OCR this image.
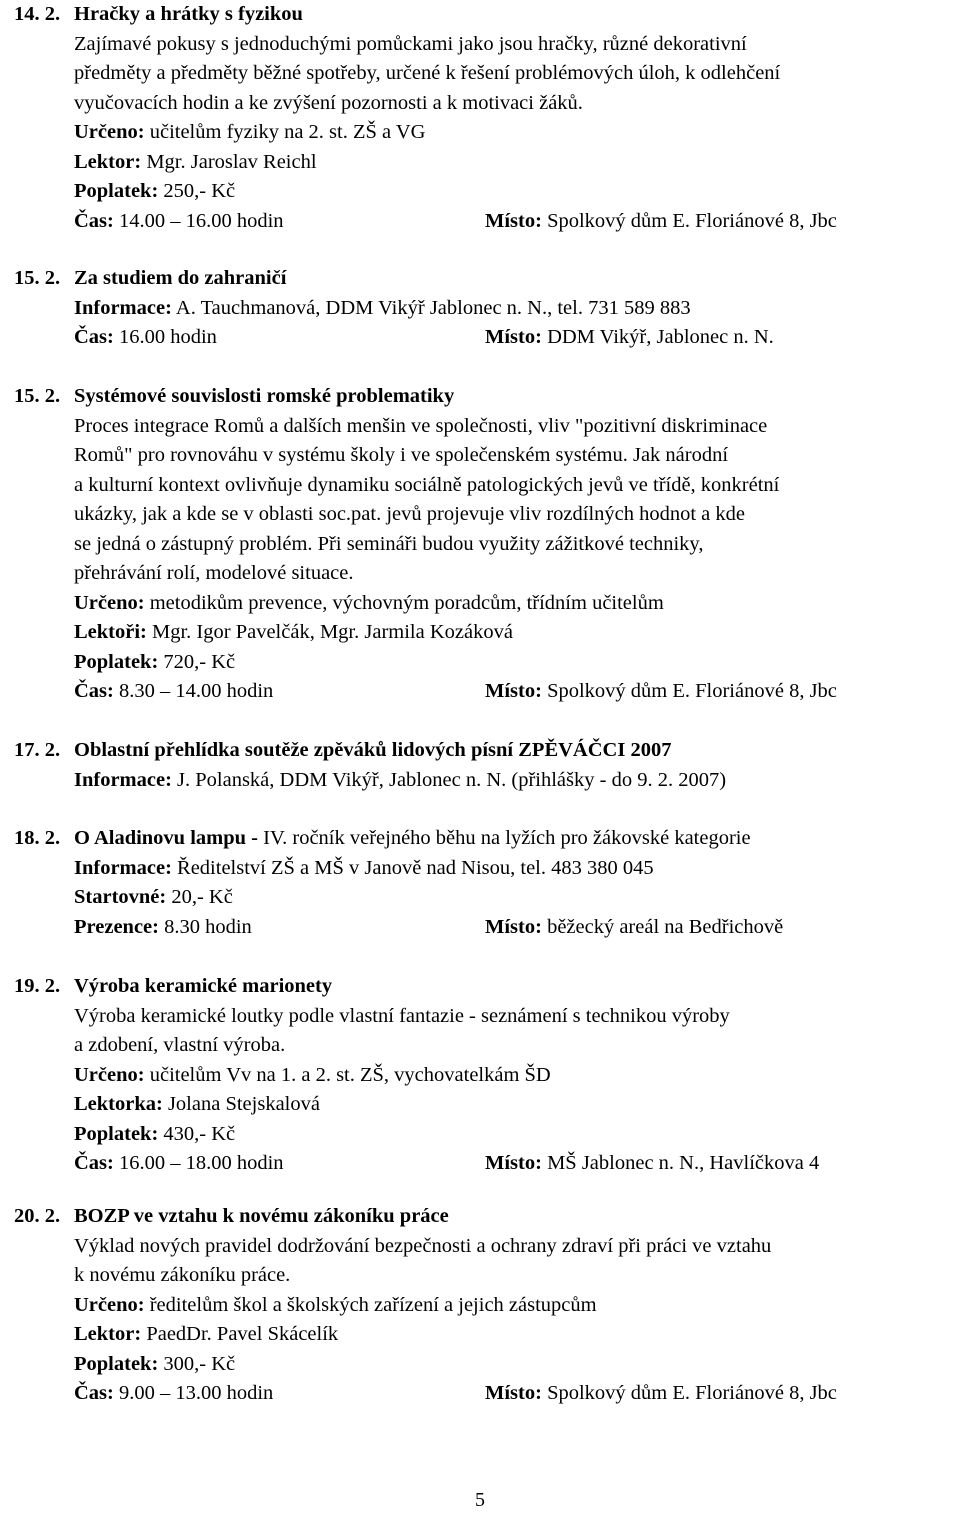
14. 2. Hračky a hrátky s fyzikou
Zajímavé pokusy s jednoduchými pomůckami jako jsou hračky, různé dekorativní
předměty a předměty běžné spotřeby, určené k řešení problémových úloh, k odlehčení
vyučovacích hodin a ke zvýšení pozornosti a k motivaci žáků.
Určeno: učitelům fyziky na 2. st. ZŠ a VG
Lektor: Mgr. Jaroslav Reichl
Poplatek: 250,- Kč
Čas: 14.00 – 16.00 hodin	Místo: Spolkový dům E. Floriánové 8, Jbc
15. 2. Za studiem do zahraničí
Informace: A. Tauchmanová, DDM Vikýř Jablonec n. N., tel. 731 589 883
Čas: 16.00 hodin	Místo: DDM Vikýř, Jablonec n. N.
15. 2. Systémové souvislosti romské problematiky
Proces integrace Romů a dalších menšin ve společnosti, vliv "pozitivní diskriminace
Romů" pro rovnováhu v systému školy i ve společenském systému. Jak národní
a kulturní kontext ovlivňuje dynamiku sociálně patologických jevů ve třídě, konkrétní
ukázky, jak a kde se v oblasti soc.pat. jevů projevuje vliv rozdílných hodnot a kde
se jedná o zástupný problém. Při semináři budou využity zážitkové techniky,
přehrávání rolí, modelové situace.
Určeno: metodikům prevence, výchovným poradcům, třídním učitelům
Lektoři: Mgr. Igor Pavelčák, Mgr. Jarmila Kozáková
Poplatek: 720,- Kč
Čas: 8.30 – 14.00 hodin	Místo: Spolkový dům E. Floriánové 8, Jbc
17. 2. Oblastní přehlídka soutěže zpěváků lidových písní ZPĚVÁČCI 2007
Informace: J. Polanská, DDM Vikýř, Jablonec n. N. (přihlášky - do 9. 2. 2007)
18. 2. O Aladinovu lampu - IV. ročník veřejného běhu na lyžích pro žákovské kategorie
Informace: Ředitelství ZŠ a MŠ v Janově nad Nisou, tel. 483 380 045
Startovné: 20,- Kč
Prezence: 8.30 hodin	Místo: běžecký areál na Bedřichově
19. 2. Výroba keramické marionety
Výroba keramické loutky podle vlastní fantazie - seznámení s technikou výroby
a zdobení, vlastní výroba.
Určeno: učitelům Vv na 1. a 2. st. ZŠ, vychovatelkám ŠD
Lektorka: Jolana Stejskalová
Poplatek: 430,- Kč
Čas: 16.00 – 18.00 hodin	Místo: MŠ Jablonec n. N., Havlíčkova 4
20. 2. BOZP ve vztahu k novému zákoníku práce
Výklad nových pravidel dodržování bezpečnosti a ochrany zdraví při práci ve vztahu
k novému zákoníku práce.
Určeno: ředitelům škol a školských zařízení a jejich zástupcům
Lektor: PaedDr. Pavel Skácelík
Poplatek: 300,- Kč
Čas: 9.00 – 13.00 hodin	Místo: Spolkový dům E. Floriánové 8, Jbc
5
